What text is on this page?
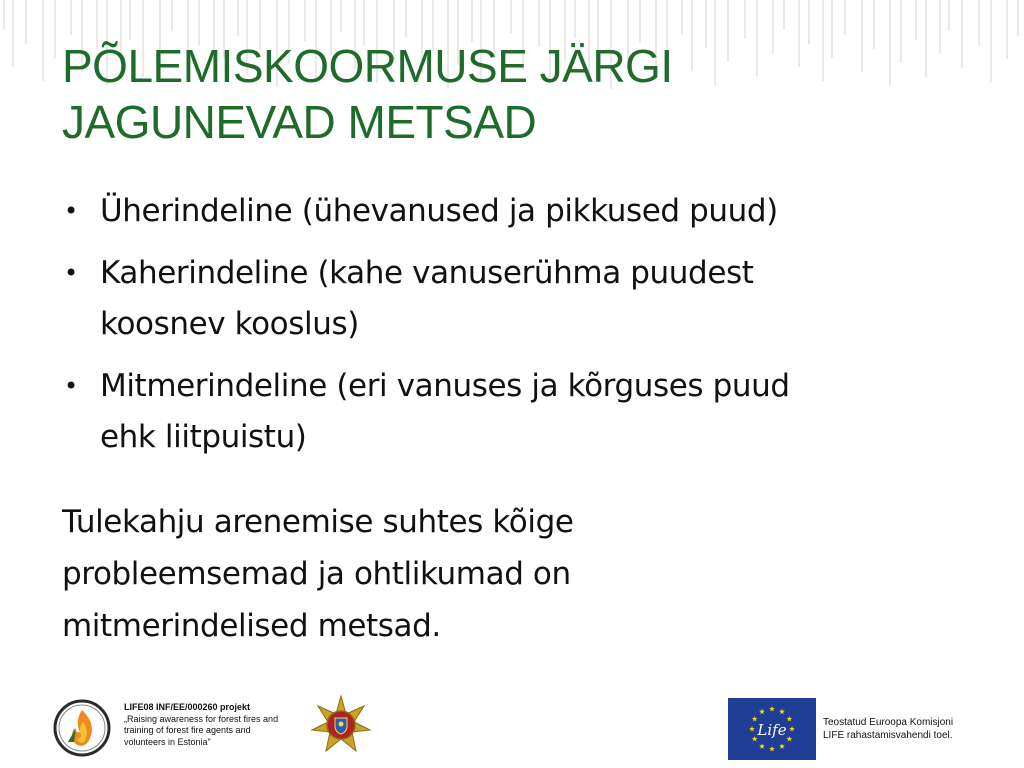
PÕLEMISKOORMUSE JÄRGI
JAGUNEVAD METSAD
• Üherindeline (ühevanused ja pikkused puud)
• Kaherindeline (kahe vanuserühma puudest
koosnev kooslus)
• Mitmerindeline (eri vanuses ja kõrguses puud
ehk liitpuistu)
Tulekahju arenemise suhtes kõige
probleemsemad ja ohtlikumad on
mitmerindelised metsad.
LIFE08 INF/EE/000260 projekt
„Raising awareness for forest fires and
training of forest fire agents and
volunteers in Estonia"
Life	Teostatud Euroopa Komisjoni
LIFE rahastamisvahendi toel.
